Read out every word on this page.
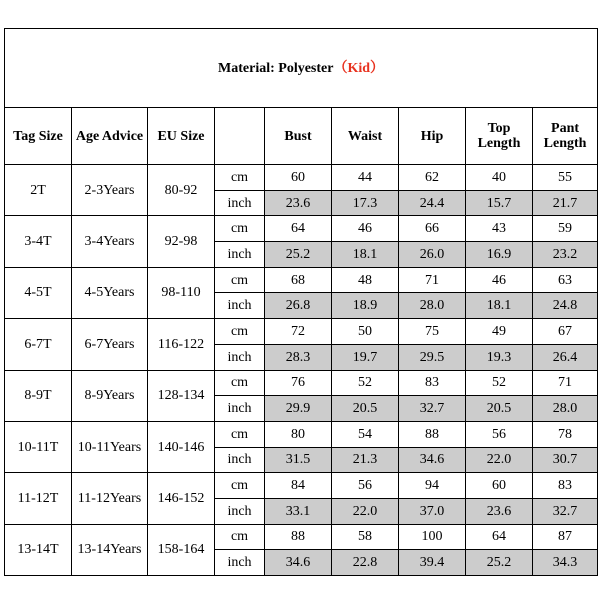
Material: Polyester（Kid）								
Tag Size	Age Advice	EU Size		Bust	Waist	Hip	Top Length	Pant Length
2T	2-3Years	80-92	cm	60	44	62	40	55
			inch	23.6	17.3	24.4	15.7	21.7
3-4T	3-4Years	92-98	cm	64	46	66	43	59
			inch	25.2	18.1	26.0	16.9	23.2
4-5T	4-5Years	98-110	cm	68	48	71	46	63
			inch	26.8	18.9	28.0	18.1	24.8
6-7T	6-7Years	116-122	cm	72	50	75	49	67
			inch	28.3	19.7	29.5	19.3	26.4
8-9T	8-9Years	128-134	cm	76	52	83	52	71
			inch	29.9	20.5	32.7	20.5	28.0
10-11T	10-11Years	140-146	cm	80	54	88	56	78
			inch	31.5	21.3	34.6	22.0	30.7
11-12T	11-12Years	146-152	cm	84	56	94	60	83
			inch	33.1	22.0	37.0	23.6	32.7
13-14T	13-14Years	158-164	cm	88	58	100	64	87
			inch	34.6	22.8	39.4	25.2	34.3
